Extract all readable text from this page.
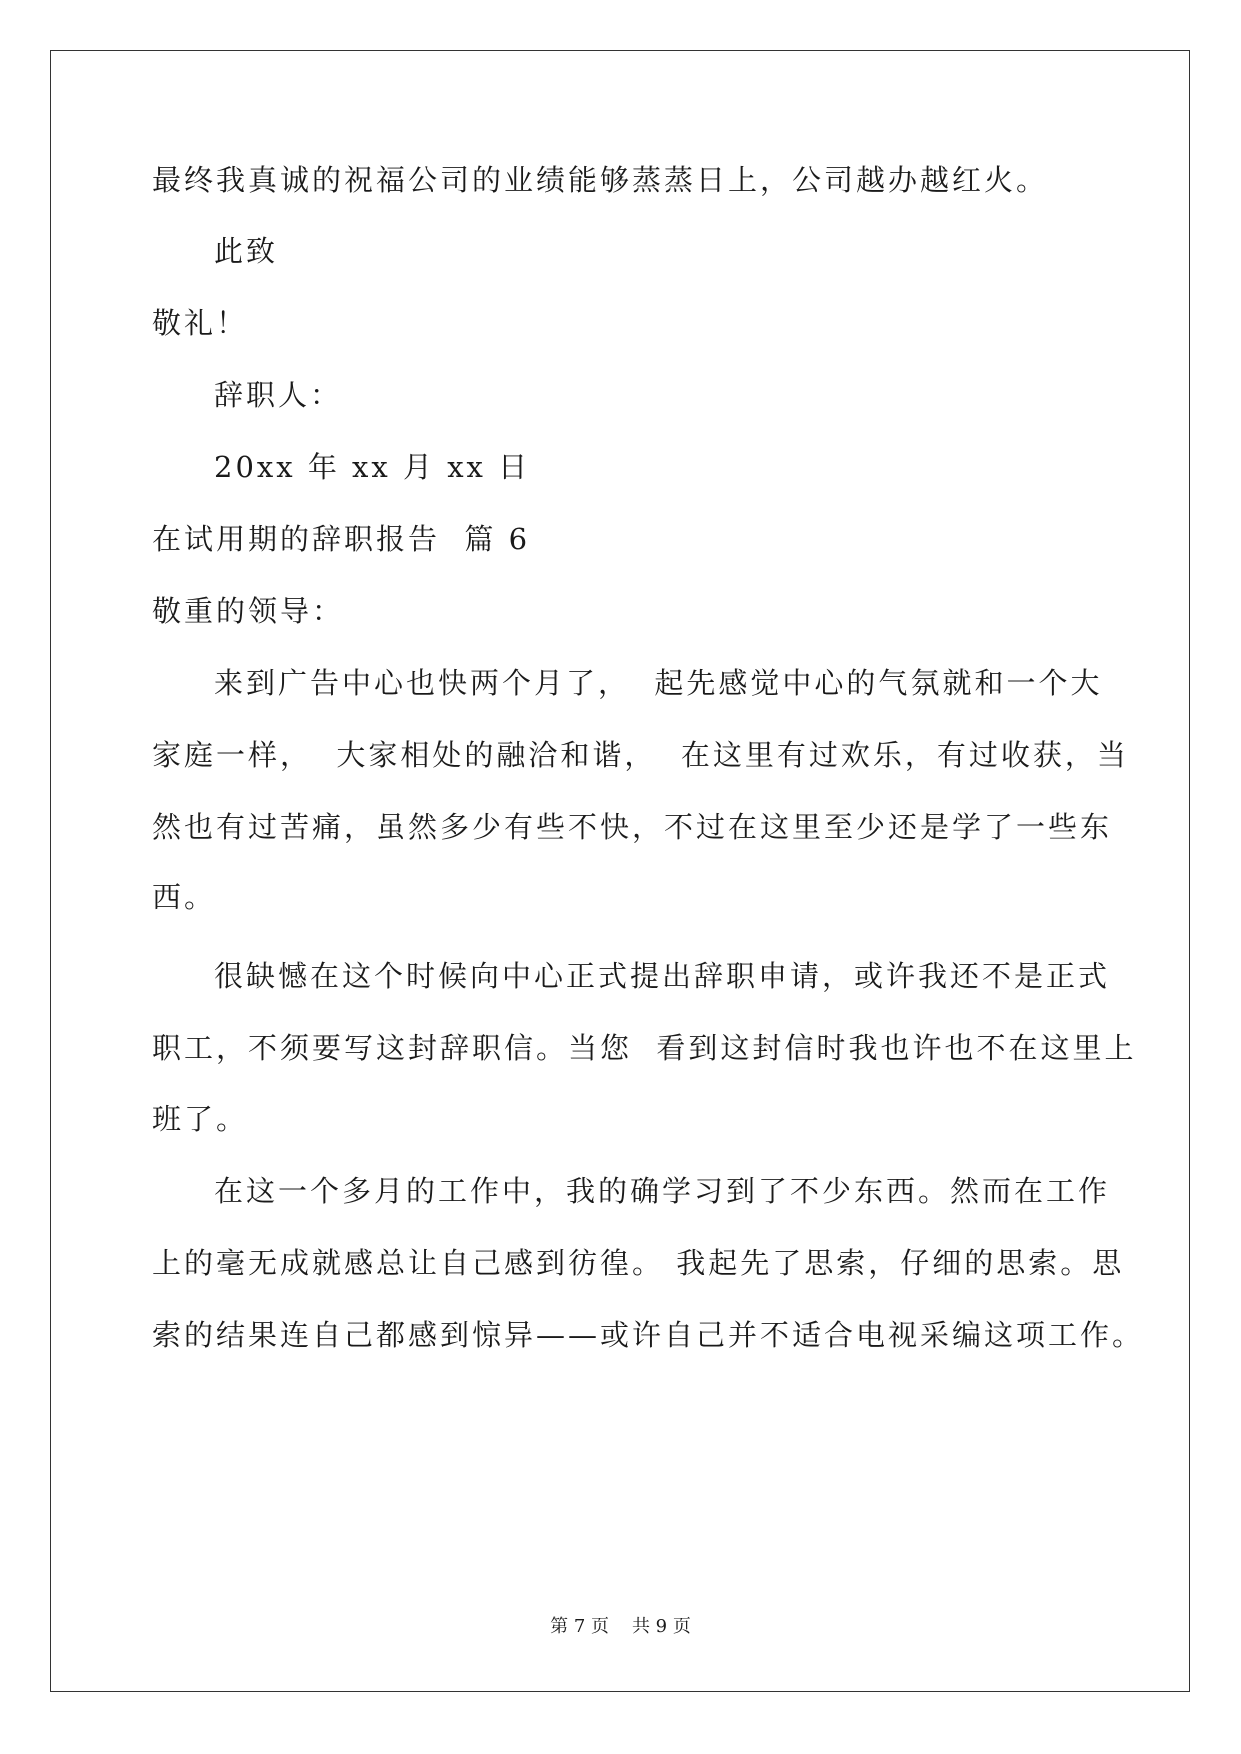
最终我真诚的祝福公司的业绩能够蒸蒸日上，公司越办越红火。
此致
敬礼！
辞职人：
20xx 年 xx 月 xx 日
在试用期的辞职报告  篇 6
敬重的领导：
来到广告中心也快两个月了，  起先感觉中心的气氛就和一个大
家庭一样，  大家相处的融洽和谐，  在这里有过欢乐，有过收获，当
然也有过苦痛，虽然多少有些不快，不过在这里至少还是学了一些东
西。
很缺憾在这个时候向中心正式提出辞职申请，或许我还不是正式
职工，不须要写这封辞职信。当您  看到这封信时我也许也不在这里上
班了。
在这一个多月的工作中，我的确学习到了不少东西。然而在工作
上的毫无成就感总让自己感到彷徨。 我起先了思索，仔细的思索。思
索的结果连自己都感到惊异——或许自己并不适合电视采编这项工作。
第 7 页    共 9 页
